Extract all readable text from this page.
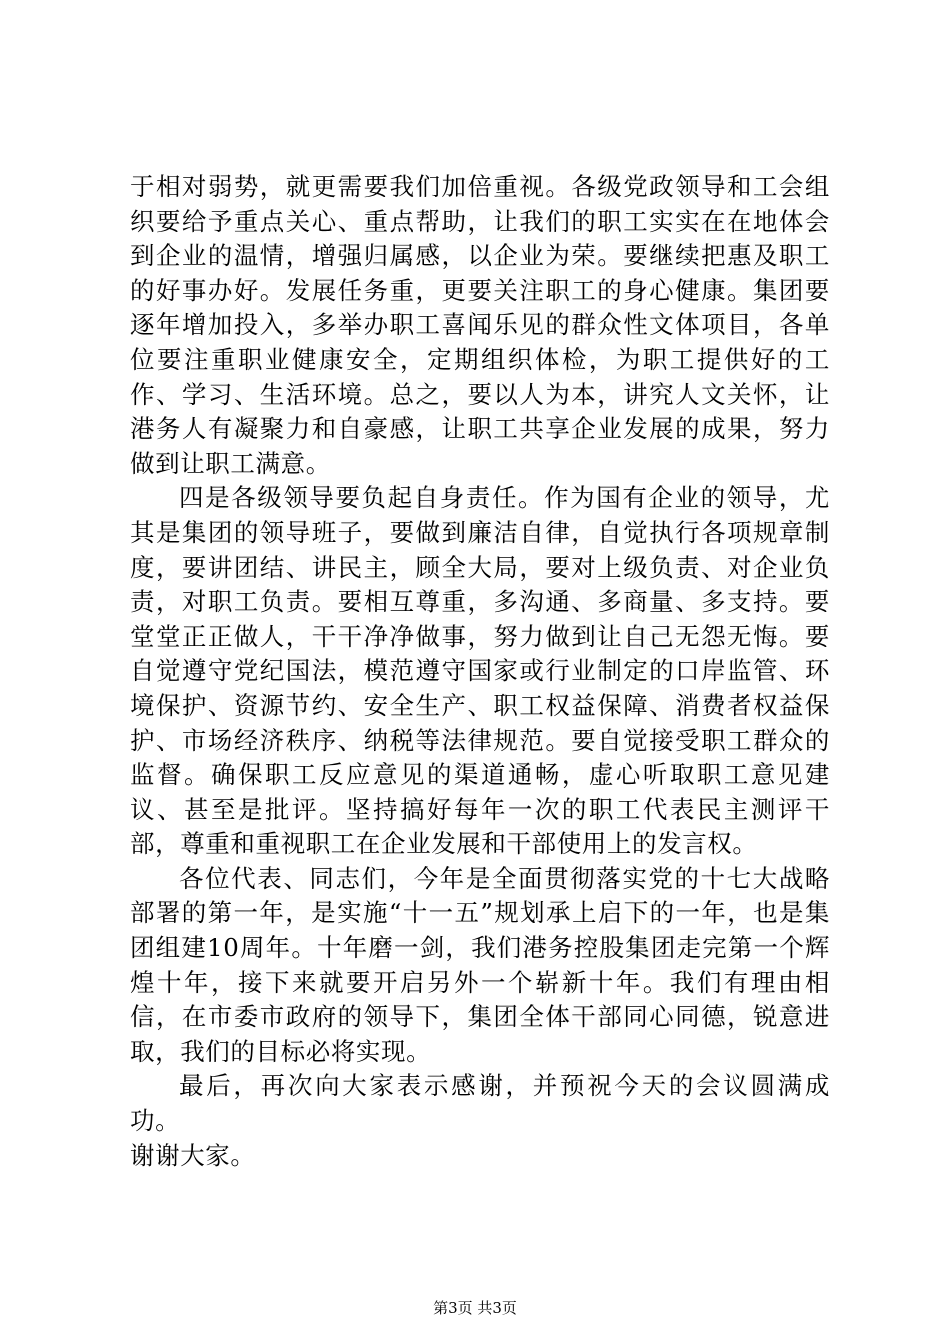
于相对弱势，就更需要我们加倍重视。各级党政领导和工会组织要给予重点关心、重点帮助，让我们的职工实实在在地体会到企业的温情，增强归属感，以企业为荣。要继续把惠及职工的好事办好。发展任务重，更要关注职工的身心健康。集团要逐年增加投入，多举办职工喜闻乐见的群众性文体项目，各单位要注重职业健康安全，定期组织体检，为职工提供好的工作、学习、生活环境。总之，要以人为本，讲究人文关怀，让港务人有凝聚力和自豪感，让职工共享企业发展的成果，努力做到让职工满意。

四是各级领导要负起自身责任。作为国有企业的领导，尤其是集团的领导班子，要做到廉洁自律，自觉执行各项规章制度，要讲团结、讲民主，顾全大局，要对上级负责、对企业负责，对职工负责。要相互尊重，多沟通、多商量、多支持。要堂堂正正做人，干干净净做事，努力做到让自己无怨无悔。要自觉遵守党纪国法，模范遵守国家或行业制定的口岸监管、环境保护、资源节约、安全生产、职工权益保障、消费者权益保护、市场经济秩序、纳税等法律规范。要自觉接受职工群众的监督。确保职工反应意见的渠道通畅，虚心听取职工意见建议、甚至是批评。坚持搞好每年一次的职工代表民主测评干部，尊重和重视职工在企业发展和干部使用上的发言权。

各位代表、同志们，今年是全面贯彻落实党的十七大战略部署的第一年，是实施“十一五”规划承上启下的一年，也是集团组建10周年。十年磨一剑，我们港务控股集团走完第一个辉煌十年，接下来就要开启另外一个崭新十年。我们有理由相信，在市委市政府的领导下，集团全体干部同心同德，锐意进取，我们的目标必将实现。

最后，再次向大家表示感谢，并预祝今天的会议圆满成功。

谢谢大家。

第3页 共3页
